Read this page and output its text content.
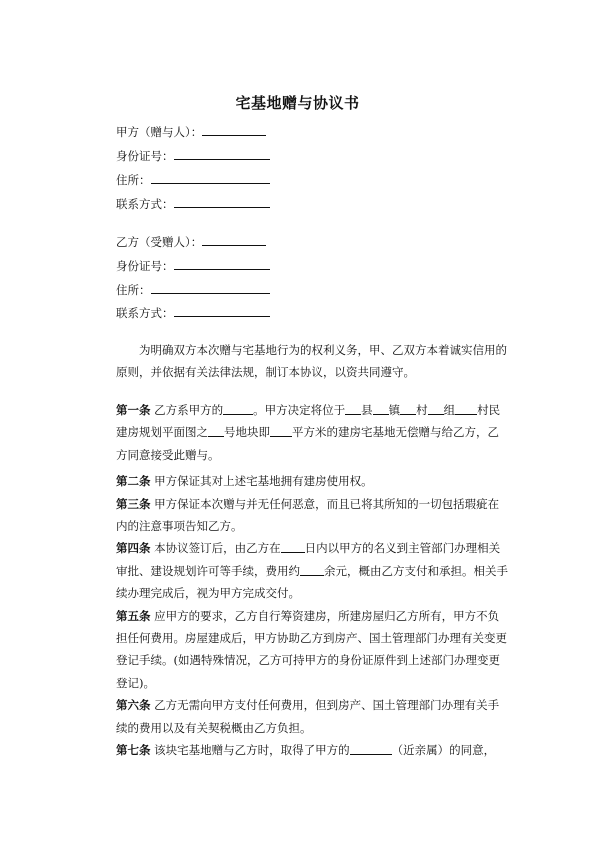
宅基地赠与协议书
甲方（赠与人）：
身份证号：
住所：
联系方式：
乙方（受赠人）：
身份证号：
住所：
联系方式：

为明确双方本次赠与宅基地行为的权利义务，甲、乙双方本着诚实信用的原则，并依据有关法律法规，制订本协议，以资共同遵守。

第一条 乙方系甲方的	。甲方决定将位于 县 镇 村 组 村民建房规划平面图之 号地块即 平方米的建房宅基地无偿赠与给乙方，乙方同意接受此赠与。

第二条 甲方保证其对上述宅基地拥有建房使用权。

第三条 甲方保证本次赠与并无任何恶意，而且已将其所知的一切包括瑕疵在内的注意事项告知乙方。

第四条 本协议签订后，由乙方在 日内以甲方的名义到主管部门办理相关审批、建设规划许可等手续，费用约 余元，概由乙方支付和承担。相关手续办理完成后，视为甲方完成交付。

第五条 应甲方的要求，乙方自行筹资建房，所建房屋归乙方所有，甲方不负担任何费用。房屋建成后，甲方协助乙方到房产、国土管理部门办理有关变更登记手续。(如遇特殊情况，乙方可持甲方的身份证原件到上述部门办理变更登记)。

第六条 乙方无需向甲方支付任何费用，但到房产、国土管理部门办理有关手续的费用以及有关契税概由乙方负担。

第七条 该块宅基地赠与乙方时，取得了甲方的	（近亲属）的同意，
